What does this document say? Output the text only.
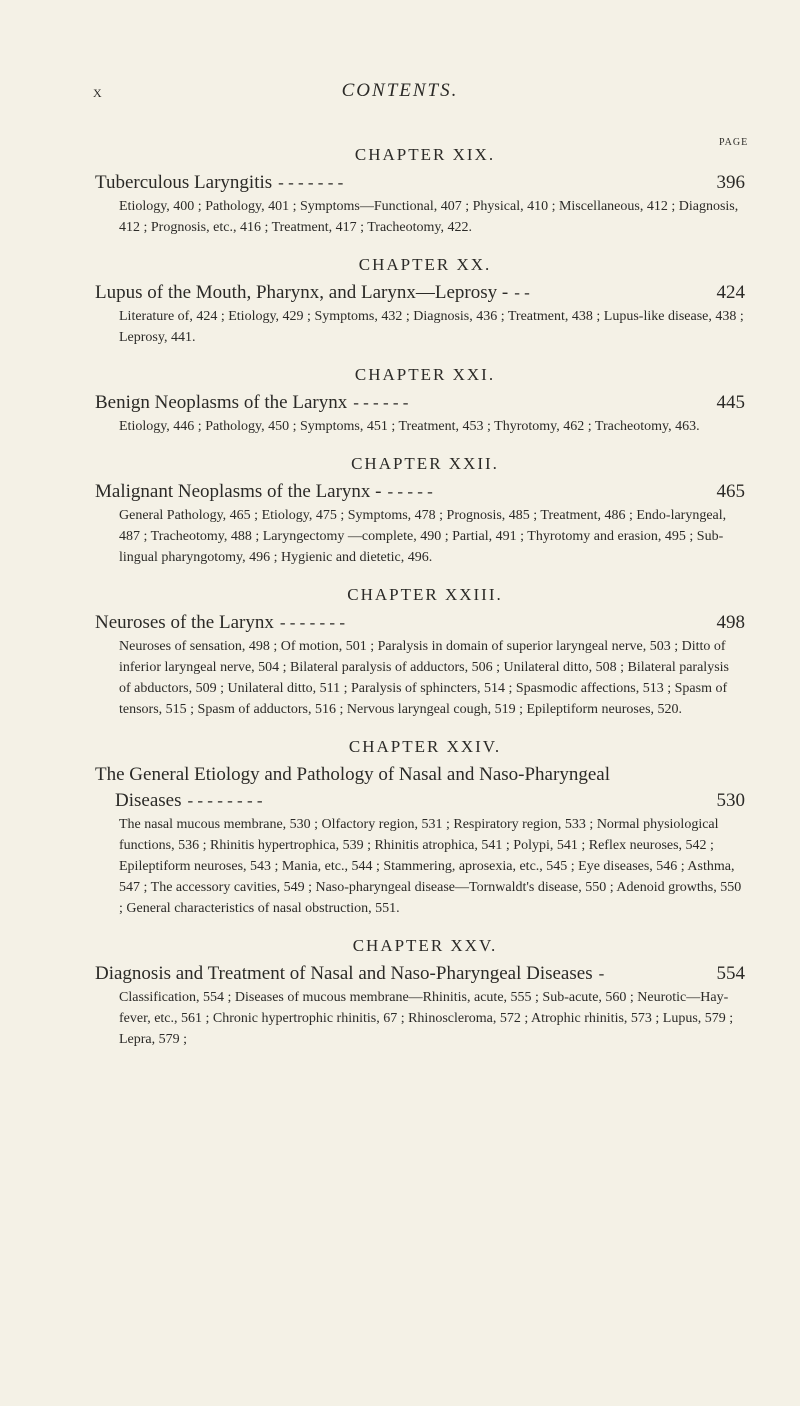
X	CONTENTS.
PAGE
CHAPTER XIX.
Tuberculous Laryngitis - - - - - - -	396
Etiology, 400 ; Pathology, 401 ; Symptoms—Functional, 407 ; Physical, 410 ; Miscellaneous, 412 ; Diagnosis, 412 ; Prognosis, etc., 416 ; Treatment, 417 ; Tracheotomy, 422.
CHAPTER XX.
Lupus of the Mouth, Pharynx, and Larynx—Leprosy - - -	424
Literature of, 424 ; Etiology, 429 ; Symptoms, 432 ; Diagnosis, 436 ; Treatment, 438 ; Lupus-like disease, 438 ; Leprosy, 441.
CHAPTER XXI.
Benign Neoplasms of the Larynx - - - - - -	445
Etiology, 446 ; Pathology, 450 ; Symptoms, 451 ; Treatment, 453 ; Thyrotomy, 462 ; Tracheotomy, 463.
CHAPTER XXII.
Malignant Neoplasms of the Larynx - - - - - -	465
General Pathology, 465 ; Etiology, 475 ; Symptoms, 478 ; Prognosis, 485 ; Treatment, 486 ; Endo-laryngeal, 487 ; Tracheotomy, 488 ; Laryngectomy —complete, 490 ; Partial, 491 ; Thyrotomy and erasion, 495 ; Sub-lingual pharyngotomy, 496 ; Hygienic and dietetic, 496.
CHAPTER XXIII.
Neuroses of the Larynx - - - - - - -	498
Neuroses of sensation, 498 ; Of motion, 501 ; Paralysis in domain of superior laryngeal nerve, 503 ; Ditto of inferior laryngeal nerve, 504 ; Bilateral paralysis of adductors, 506 ; Unilateral ditto, 508 ; Bilateral paralysis of abductors, 509 ; Unilateral ditto, 511 ; Paralysis of sphincters, 514 ; Spasmodic affections, 513 ; Spasm of tensors, 515 ; Spasm of adductors, 516 ; Nervous laryngeal cough, 519 ; Epileptiform neuroses, 520.
CHAPTER XXIV.
The General Etiology and Pathology of Nasal and Naso-Pharyngeal
Diseases - - - - - - - -	530
The nasal mucous membrane, 530 ; Olfactory region, 531 ; Respiratory region, 533 ; Normal physiological functions, 536 ; Rhinitis hypertrophica, 539 ; Rhinitis atrophica, 541 ; Polypi, 541 ; Reflex neuroses, 542 ; Epileptiform neuroses, 543 ; Mania, etc., 544 ; Stammering, aprosexia, etc., 545 ; Eye diseases, 546 ; Asthma, 547 ; The accessory cavities, 549 ; Naso-pharyngeal disease—Tornwaldt's disease, 550 ; Adenoid growths, 550 ; General characteristics of nasal obstruction, 551.
CHAPTER XXV.
Diagnosis and Treatment of Nasal and Naso-Pharyngeal Diseases -	554
Classification, 554 ; Diseases of mucous membrane—Rhinitis, acute, 555 ; Sub-acute, 560 ; Neurotic—Hay-fever, etc., 561 ; Chronic hypertrophic rhinitis, 67 ; Rhinoscleroma, 572 ; Atrophic rhinitis, 573 ; Lupus, 579 ; Lepra, 579 ;
